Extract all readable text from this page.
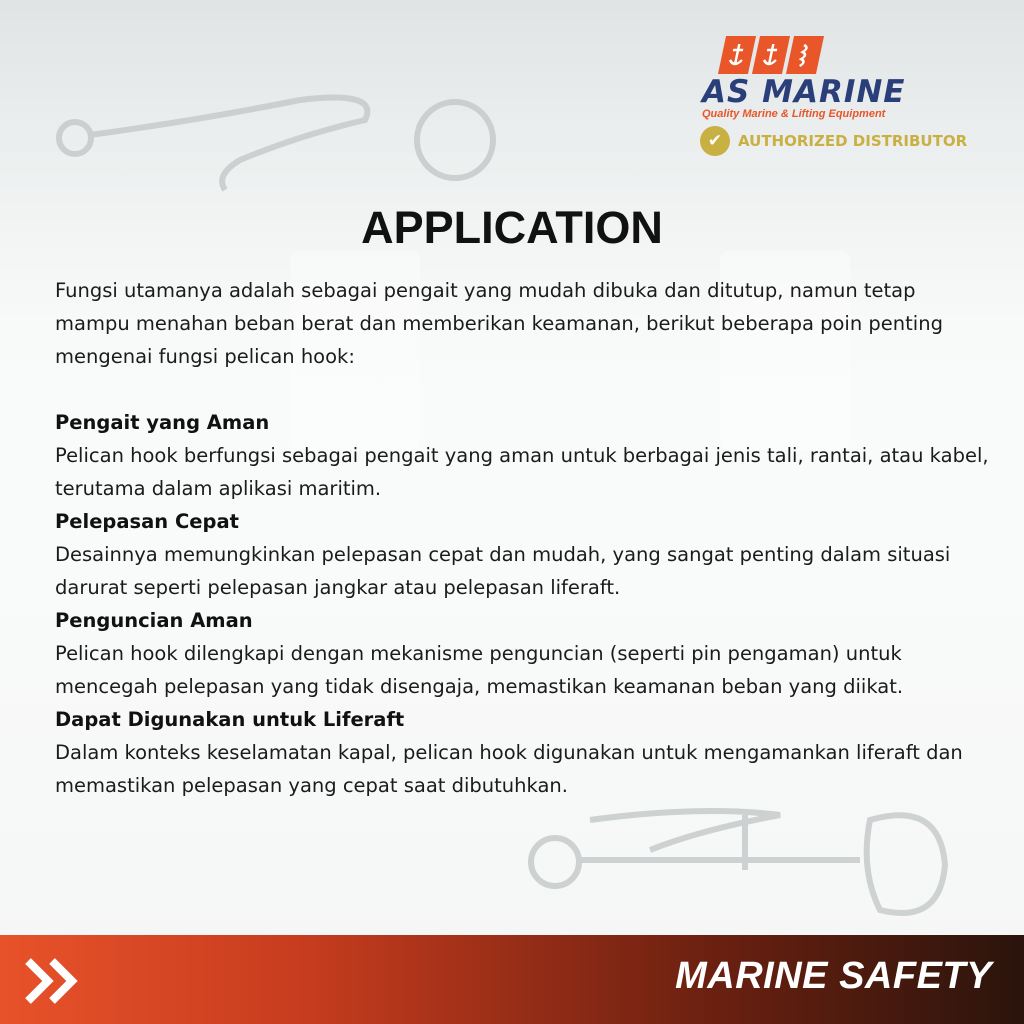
AS MARINE
Quality Marine & Lifting Equipment
✔	AUTHORIZED DISTRIBUTOR
APPLICATION

Fungsi utamanya adalah sebagai pengait yang mudah dibuka dan ditutup, namun tetap mampu menahan beban berat dan memberikan keamanan, berikut beberapa poin penting mengenai fungsi pelican hook:

Pengait yang Aman

Pelican hook berfungsi sebagai pengait yang aman untuk berbagai jenis tali, rantai, atau kabel, terutama dalam aplikasi maritim.

Pelepasan Cepat

Desainnya memungkinkan pelepasan cepat dan mudah, yang sangat penting dalam situasi darurat seperti pelepasan jangkar atau pelepasan liferaft.

Penguncian Aman

Pelican hook dilengkapi dengan mekanisme penguncian (seperti pin pengaman) untuk mencegah pelepasan yang tidak disengaja, memastikan keamanan beban yang diikat.

Dapat Digunakan untuk Liferaft

Dalam konteks keselamatan kapal, pelican hook digunakan untuk mengamankan liferaft dan memastikan pelepasan yang cepat saat dibutuhkan.

MARINE SAFETY
